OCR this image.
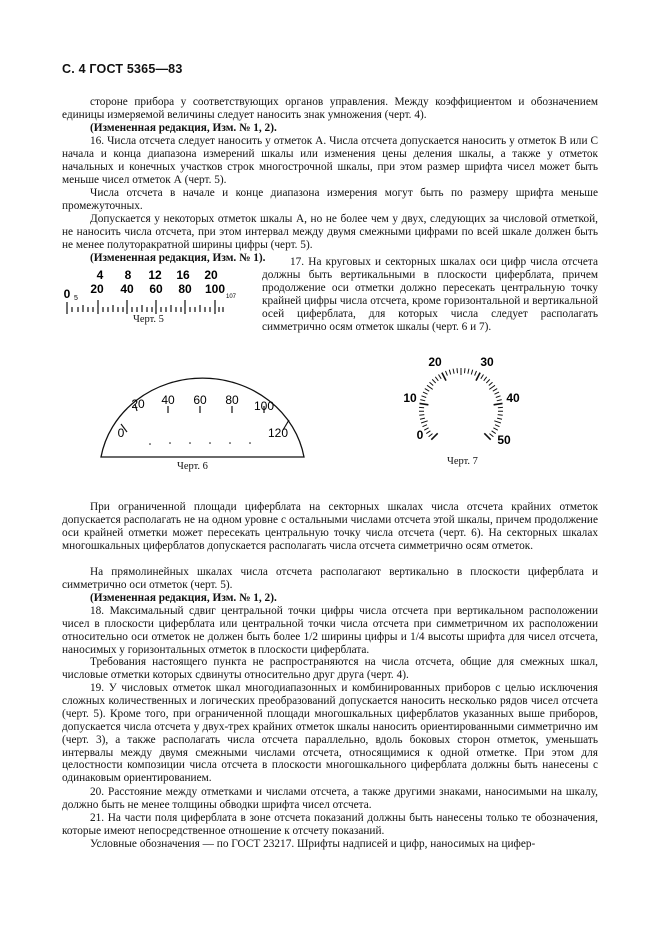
С. 4 ГОСТ 5365—83

стороне прибора у соответствующих органов управления. Между коэффициентом и обозначением единицы измеряемой величины следует наносить знак умножения (черт. 4).

(Измененная редакция, Изм. № 1, 2).

16. Числа отсчета следует наносить у отметок А. Числа отсчета допускается наносить у отметок В или С начала и конца диапазона измерений шкалы или изменения цены деления шкалы, а также у отметок начальных и конечных участков строк многострочной шкалы, при этом размер шрифта чисел может быть меньше чисел отметок А (черт. 5).

Числа отсчета в начале и конце диапазона измерения могут быть по размеру шрифта меньше промежуточных.

Допускается у некоторых отметок шкалы А, но не более чем у двух, следующих за числовой отметкой, не наносить числа отсчета, при этом интервал между двумя смежными цифрами по всей шкале должен быть не менее полуторакратной ширины цифры (черт. 5).

(Измененная редакция, Изм. № 1).

4 8 12 16 20
0 20 40 60 80 100
5	107
Черт. 5

17. На круговых и секторных шкалах оси цифр числа отсчета должны быть вертикальными в плоскости циферблата, причем продолжение оси отметки должно пересекать центральную точку крайней цифры числа отсчета, кроме горизонтальной и вертикальной осей циферблата, для которых числа следует располагать симметрично осям отметок шкалы (черт. 6 и 7).

0
20 40 60 80 100
120
Черт. 6
0
10
20	30
40
50
Черт. 7

При ограниченной площади циферблата на секторных шкалах числа отсчета крайних отметок допускается располагать не на одном уровне с остальными числами отсчета этой шкалы, причем продолжение оси крайней отметки может пересекать центральную точку числа отсчета (черт. 6). На секторных шкалах многошкальных циферблатов допускается располагать числа отсчета симметрично осям отметок.

На прямолинейных шкалах числа отсчета располагают вертикально в плоскости циферблата и симметрично оси отметок (черт. 5).

(Измененная редакция, Изм. № 1, 2).

18. Максимальный сдвиг центральной точки цифры числа отсчета при вертикальном расположении чисел в плоскости циферблата или центральной точки числа отсчета при симметричном их расположении относительно оси отметок не должен быть более 1/2 ширины цифры и 1/4 высоты шрифта для чисел отсчета, наносимых у горизонтальных отметок в плоскости циферблата.

Требования настоящего пункта не распространяются на числа отсчета, общие для смежных шкал, числовые отметки которых сдвинуты относительно друг друга (черт. 4).

19. У числовых отметок шкал многодиапазонных и комбинированных приборов с целью исключения сложных количественных и логических преобразований допускается наносить несколько рядов чисел отсчета (черт. 5). Кроме того, при ограниченной площади многошкальных циферблатов указанных выше приборов, допускается числа отсчета у двух-трех крайних отметок шкалы наносить ориентированными симметрично им (черт. 3), а также располагать числа отсчета параллельно, вдоль боковых сторон отметок, уменьшать интервалы между двумя смежными числами отсчета, относящимися к одной отметке. При этом для целостности композиции числа отсчета в плоскости многошкального циферблата должны быть нанесены с одинаковым ориентированием.

20. Расстояние между отметками и числами отсчета, а также другими знаками, наносимыми на шкалу, должно быть не менее толщины обводки шрифта чисел отсчета.

21. На части поля циферблата в зоне отсчета показаний должны быть нанесены только те обозначения, которые имеют непосредственное отношение к отсчету показаний.

Условные обозначения — по ГОСТ 23217. Шрифты надписей и цифр, наносимых на цифер-
